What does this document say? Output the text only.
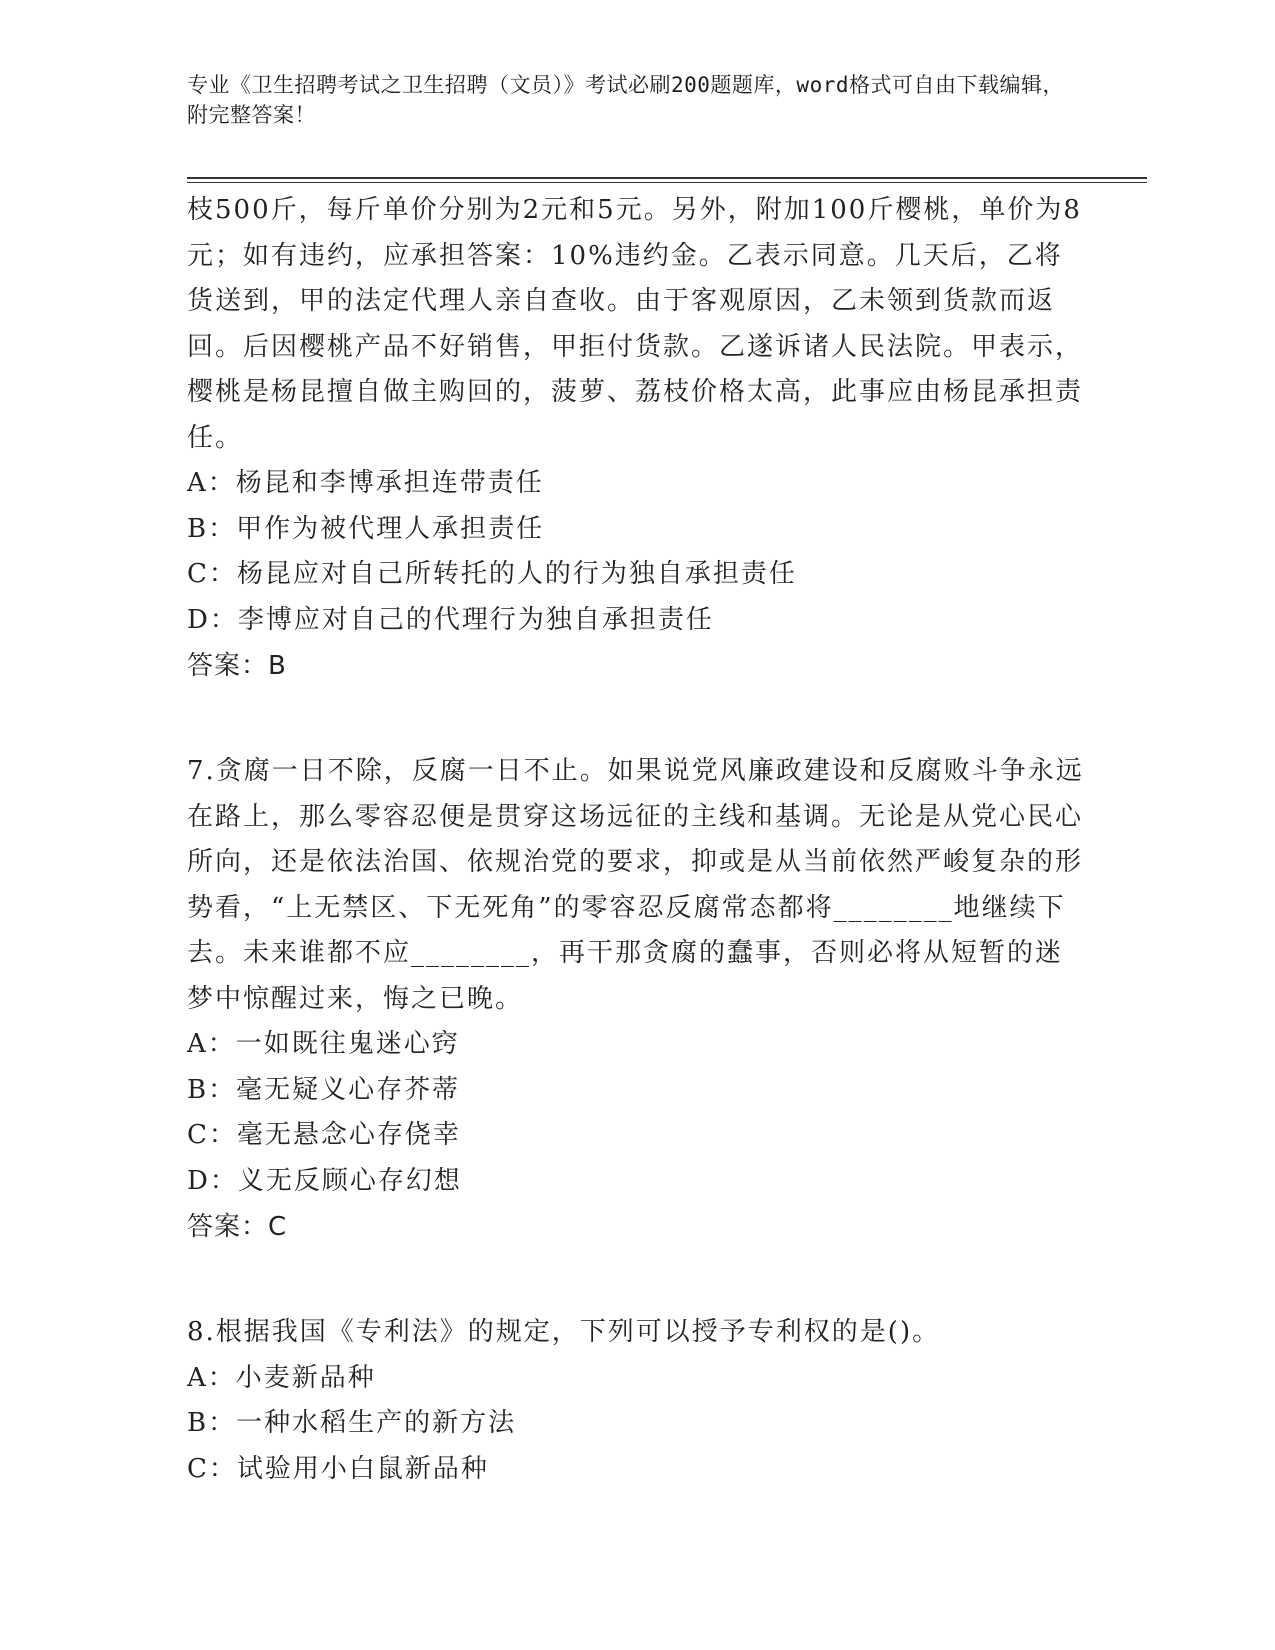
专业《卫生招聘考试之卫生招聘（文员）》考试必刷200题题库，word格式可自由下载编辑，附完整答案！

枝500斤，每斤单价分别为2元和5元。另外，附加100斤樱桃，单价为8元；如有违约，应承担答案：10%违约金。乙表示同意。几天后，乙将货送到，甲的法定代理人亲自查收。由于客观原因，乙未领到货款而返回。后因樱桃产品不好销售，甲拒付货款。乙遂诉诸人民法院。甲表示，樱桃是杨昆擅自做主购回的，菠萝、荔枝价格太高，此事应由杨昆承担责任。

A：杨昆和李博承担连带责任

B：甲作为被代理人承担责任

C：杨昆应对自己所转托的人的行为独自承担责任

D：李博应对自己的代理行为独自承担责任

答案：B

7.贪腐一日不除，反腐一日不止。如果说党风廉政建设和反腐败斗争永远在路上，那么零容忍便是贯穿这场远征的主线和基调。无论是从党心民心所向，还是依法治国、依规治党的要求，抑或是从当前依然严峻复杂的形势看，“上无禁区、下无死角”的零容忍反腐常态都将________地继续下去。未来谁都不应________，再干那贪腐的蠢事，否则必将从短暂的迷梦中惊醒过来，悔之已晚。

A：一如既往鬼迷心窍

B：毫无疑义心存芥蒂

C：毫无悬念心存侥幸

D：义无反顾心存幻想

答案：C

8.根据我国《专利法》的规定，下列可以授予专利权的是()。

A：小麦新品种

B：一种水稻生产的新方法

C：试验用小白鼠新品种
